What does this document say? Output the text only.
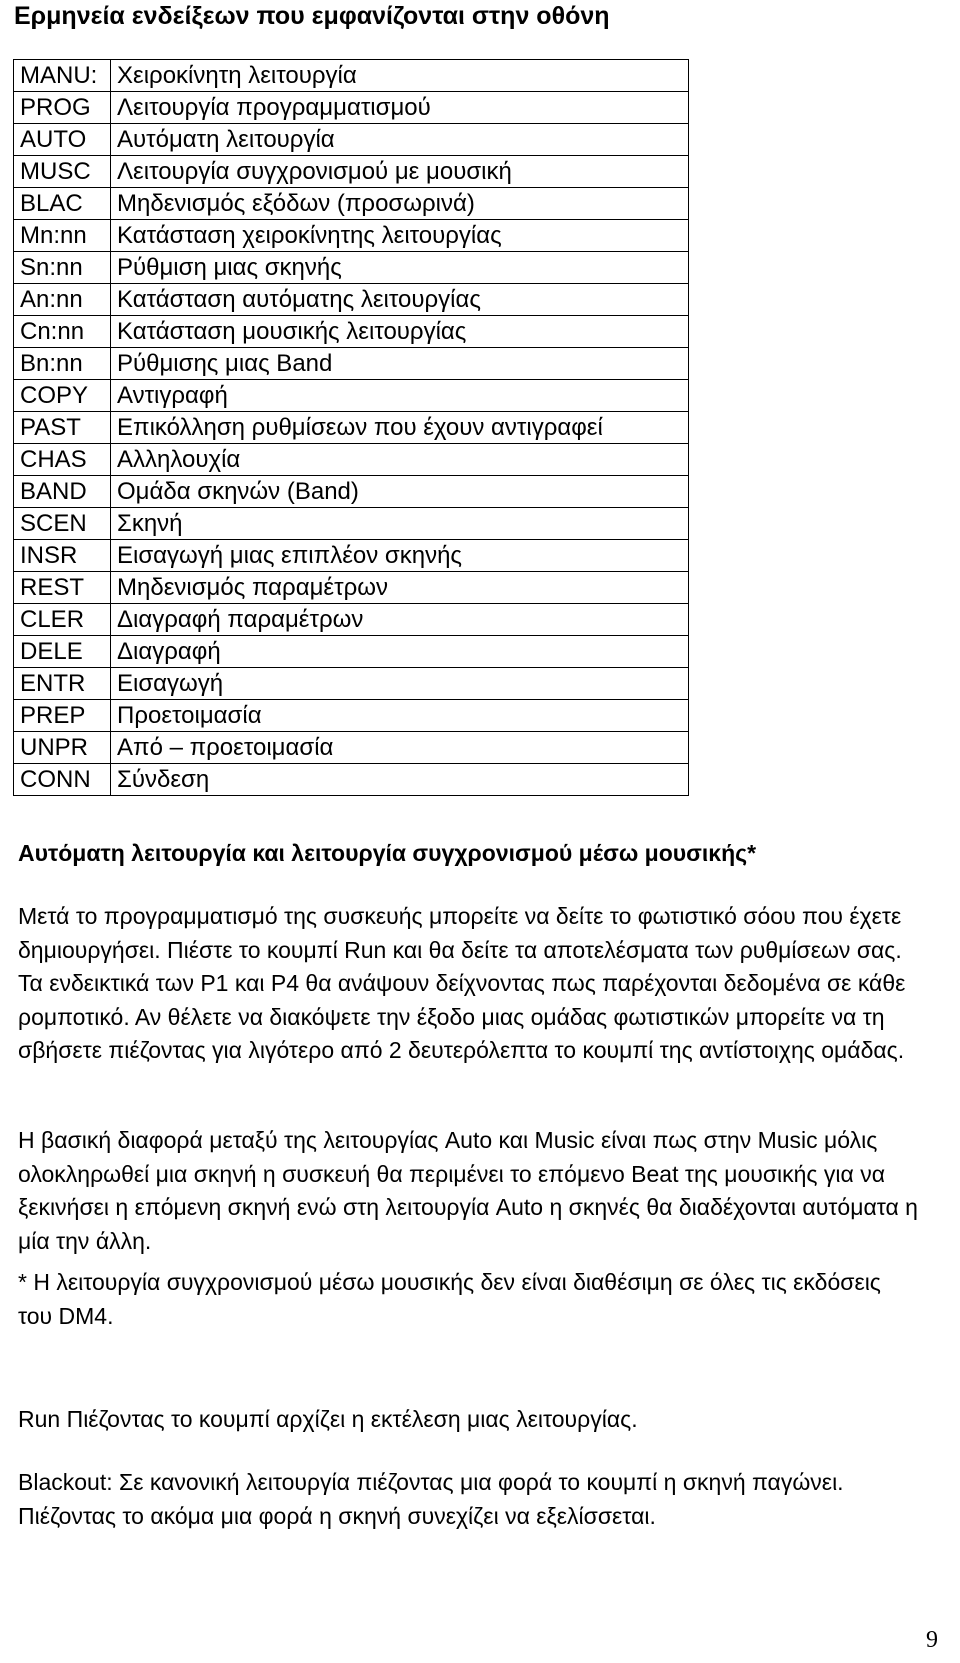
Ερμηνεία ενδείξεων που εμφανίζονται στην οθόνη
MANU:	Χειροκίνητη λειτουργία
PROG	Λειτουργία προγραμματισμού
AUTO	Αυτόματη λειτουργία
MUSC	Λειτουργία συγχρονισμού με μουσική
BLAC	Μηδενισμός εξόδων (προσωρινά)
Mn:nn	Κατάσταση χειροκίνητης λειτουργίας
Sn:nn	Ρύθμιση μιας σκηνής
An:nn	Κατάσταση αυτόματης λειτουργίας
Cn:nn	Κατάσταση μουσικής λειτουργίας
Bn:nn	Ρύθμισης μιας Band
COPY	Αντιγραφή
PAST	Επικόλληση ρυθμίσεων που έχουν αντιγραφεί
CHAS	Αλληλουχία
BAND	Ομάδα σκηνών (Band)
SCEN	Σκηνή
INSR	Εισαγωγή μιας επιπλέον σκηνής
REST	Μηδενισμός παραμέτρων
CLER	Διαγραφή παραμέτρων
DELE	Διαγραφή
ENTR	Εισαγωγή
PREP	Προετοιμασία
UNPR	Από – προετοιμασία
CONN	Σύνδεση
Αυτόματη λειτουργία και λειτουργία συγχρονισμού μέσω μουσικής*

Μετά το προγραμματισμό της συσκευής μπορείτε να δείτε το φωτιστικό σόου που έχετε δημιουργήσει. Πιέστε το κουμπί Run και θα δείτε τα αποτελέσματα των ρυθμίσεων σας. Τα ενδεικτικά των P1 και P4 θα ανάψουν δείχνοντας πως παρέχονται δεδομένα σε κάθε ρομποτικό. Αν θέλετε να διακόψετε την έξοδο μιας ομάδας φωτιστικών μπορείτε να τη σβήσετε πιέζοντας για λιγότερο από 2 δευτερόλεπτα το κουμπί της αντίστοιχης ομάδας.

Η βασική διαφορά μεταξύ της λειτουργίας Auto και Music είναι πως στην Music μόλις ολοκληρωθεί μια σκηνή η συσκευή θα περιμένει το επόμενο Beat της μουσικής για να ξεκινήσει η επόμενη σκηνή ενώ στη λειτουργία Auto η σκηνές θα διαδέχονται αυτόματα η μία την άλλη.

* Η λειτουργία συγχρονισμού μέσω μουσικής δεν είναι διαθέσιμη σε όλες τις εκδόσεις του DM4.

Run Πιέζοντας το κουμπί αρχίζει η εκτέλεση μιας λειτουργίας.

Blackout: Σε κανονική λειτουργία πιέζοντας μια φορά το κουμπί η σκηνή παγώνει. Πιέζοντας το ακόμα μια φορά η σκηνή συνεχίζει να εξελίσσεται.

9
